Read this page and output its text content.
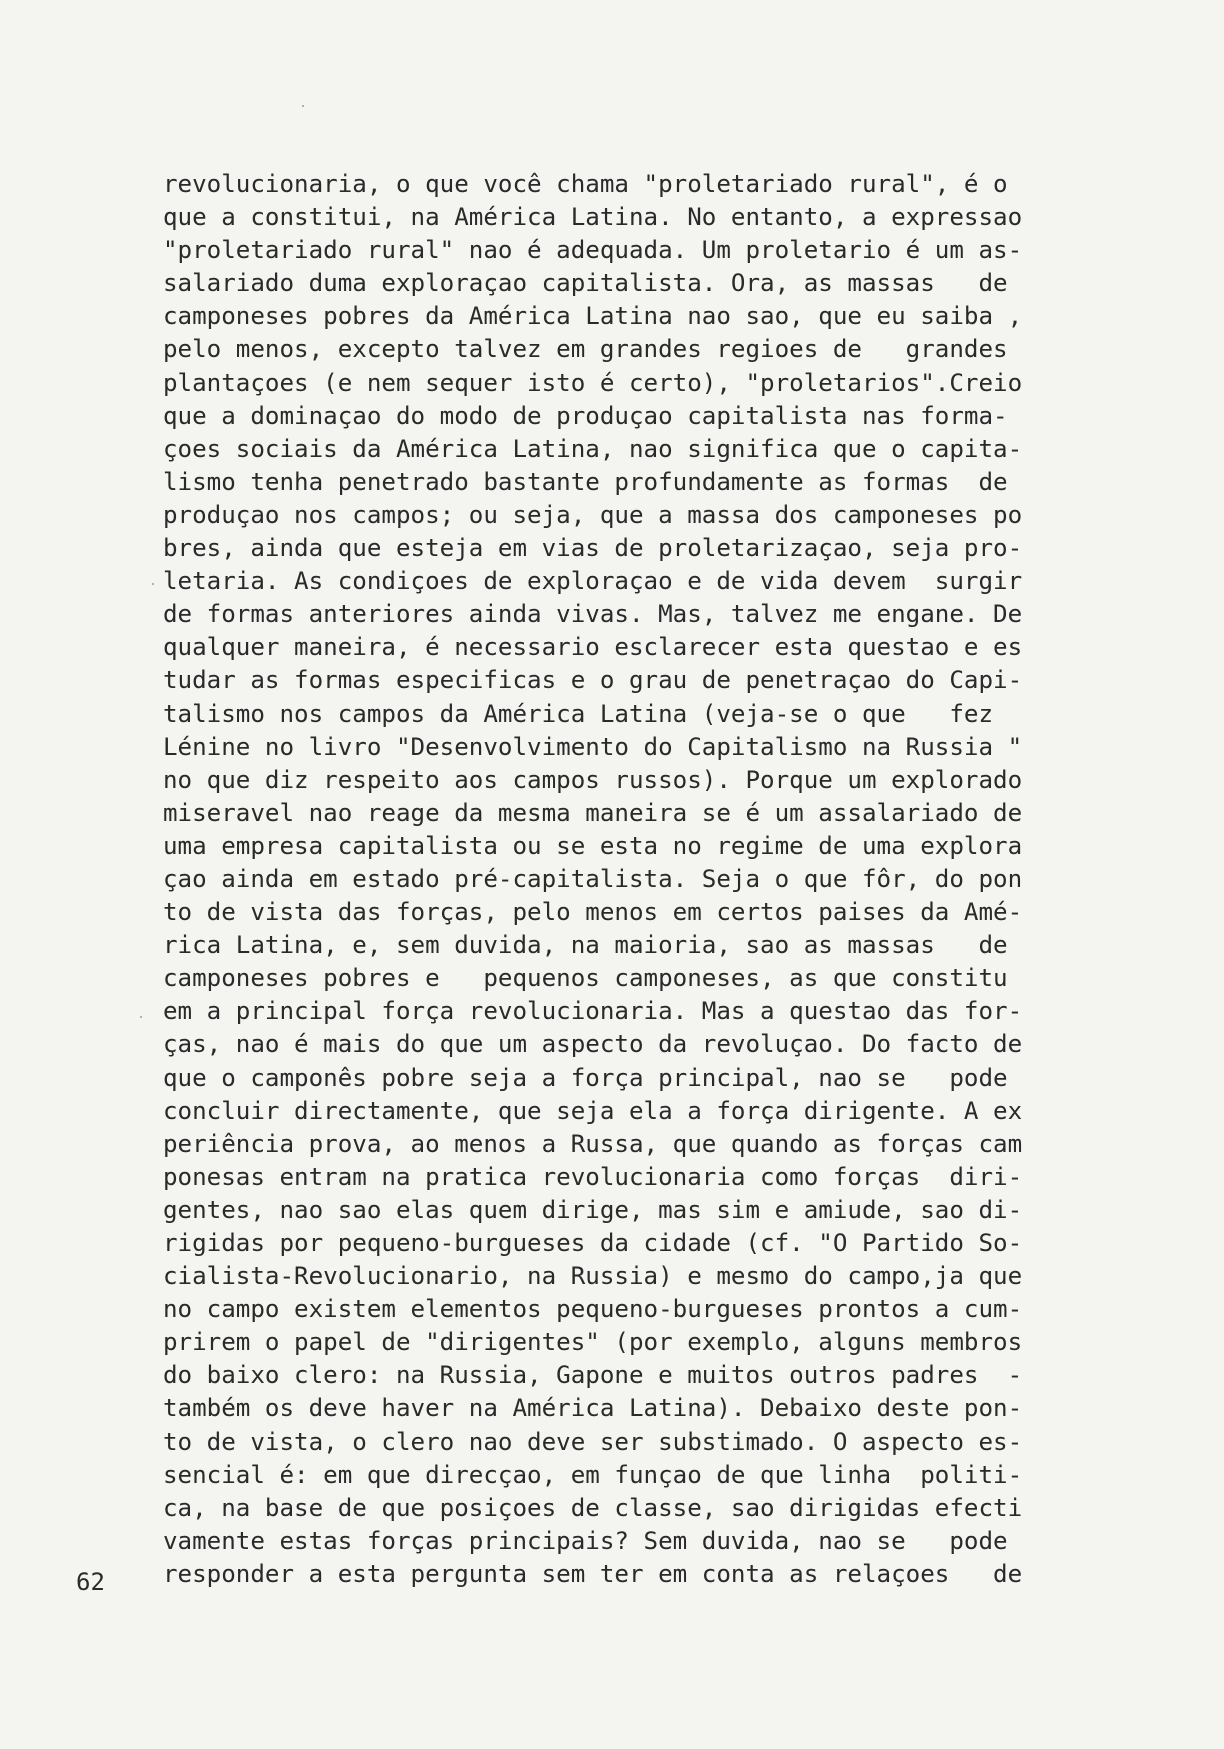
revolucionaria, o que você chama "proletariado rural", é o
que a constitui, na América Latina. No entanto, a expressao
"proletariado rural" nao é adequada. Um proletario é um as-
salariado duma exploraçao capitalista. Ora, as massas   de
camponeses pobres da América Latina nao sao, que eu saiba ,
pelo menos, excepto talvez em grandes regioes de   grandes
plantaçoes (e nem sequer isto é certo), "proletarios".Creio
que a dominaçao do modo de produçao capitalista nas forma-
çoes sociais da América Latina, nao significa que o capita-
lismo tenha penetrado bastante profundamente as formas  de
produçao nos campos; ou seja, que a massa dos camponeses po
bres, ainda que esteja em vias de proletarizaçao, seja pro-
letaria. As condiçoes de exploraçao e de vida devem  surgir
de formas anteriores ainda vivas. Mas, talvez me engane. De
qualquer maneira, é necessario esclarecer esta questao e es
tudar as formas especificas e o grau de penetraçao do Capi-
talismo nos campos da América Latina (veja-se o que   fez
Lénine no livro "Desenvolvimento do Capitalismo na Russia "
no que diz respeito aos campos russos). Porque um explorado
miseravel nao reage da mesma maneira se é um assalariado de
uma empresa capitalista ou se esta no regime de uma explora
çao ainda em estado pré-capitalista. Seja o que fôr, do pon
to de vista das forças, pelo menos em certos paises da Amé-
rica Latina, e, sem duvida, na maioria, sao as massas   de
camponeses pobres e   pequenos camponeses, as que constitu
em a principal força revolucionaria. Mas a questao das for-
ças, nao é mais do que um aspecto da revoluçao. Do facto de
que o camponês pobre seja a força principal, nao se   pode
concluir directamente, que seja ela a força dirigente. A ex
periência prova, ao menos a Russa, que quando as forças cam
ponesas entram na pratica revolucionaria como forças  diri-
gentes, nao sao elas quem dirige, mas sim e amiude, sao di-
rigidas por pequeno-burgueses da cidade (cf. "O Partido So-
cialista-Revolucionario, na Russia) e mesmo do campo,ja que
no campo existem elementos pequeno-burgueses prontos a cum-
prirem o papel de "dirigentes" (por exemplo, alguns membros
do baixo clero: na Russia, Gapone e muitos outros padres  -
também os deve haver na América Latina). Debaixo deste pon-
to de vista, o clero nao deve ser substimado. O aspecto es-
sencial é: em que direcçao, em funçao de que linha  politi-
ca, na base de que posiçoes de classe, sao dirigidas efecti
vamente estas forças principais? Sem duvida, nao se   pode
responder a esta pergunta sem ter em conta as relaçoes   de
62
